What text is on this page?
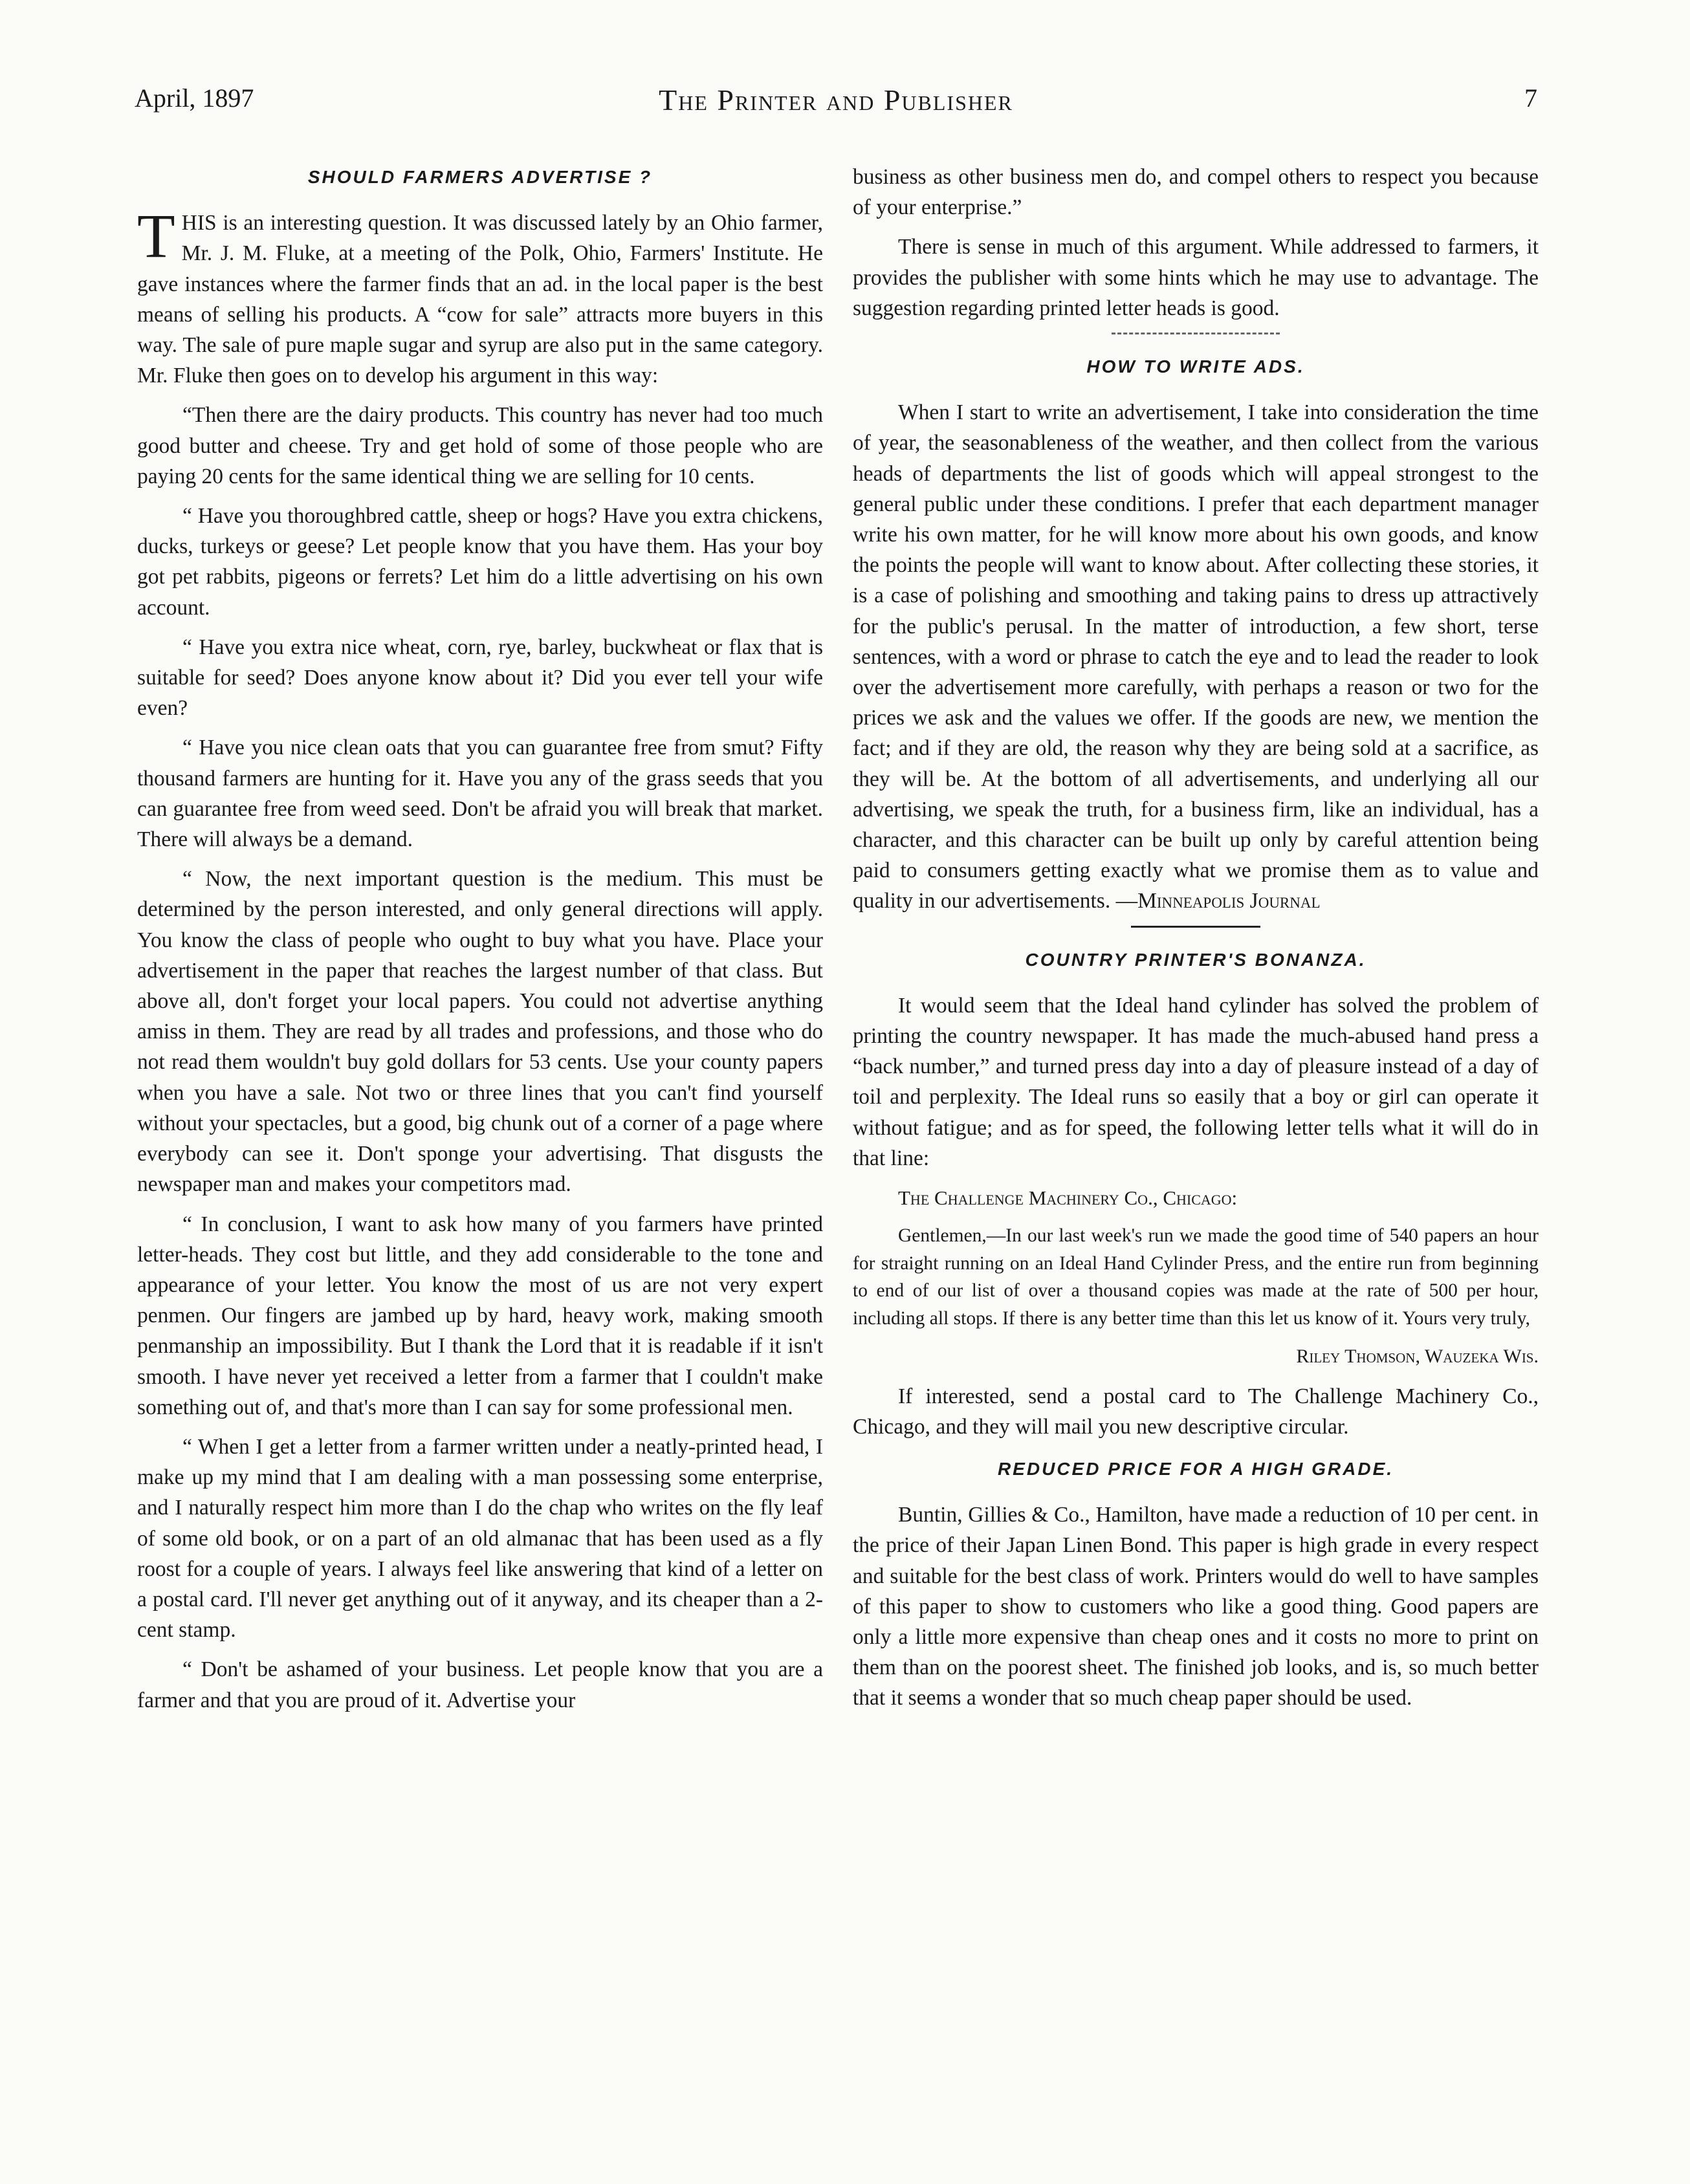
April, 1897	The Printer and Publisher	7
SHOULD FARMERS ADVERTISE ?

THIS is an interesting question. It was discussed lately by an Ohio farmer, Mr. J. M. Fluke, at a meeting of the Polk, Ohio, Farmers' Institute. He gave instances where the farmer finds that an ad. in the local paper is the best means of selling his products. A “cow for sale” attracts more buyers in this way. The sale of pure maple sugar and syrup are also put in the same category. Mr. Fluke then goes on to develop his argument in this way:

“Then there are the dairy products. This country has never had too much good butter and cheese. Try and get hold of some of those people who are paying 20 cents for the same identical thing we are selling for 10 cents.

“ Have you thoroughbred cattle, sheep or hogs? Have you extra chickens, ducks, turkeys or geese? Let people know that you have them. Has your boy got pet rabbits, pigeons or ferrets? Let him do a little advertising on his own account.

“ Have you extra nice wheat, corn, rye, barley, buckwheat or flax that is suitable for seed? Does anyone know about it? Did you ever tell your wife even?

“ Have you nice clean oats that you can guarantee free from smut? Fifty thousand farmers are hunting for it. Have you any of the grass seeds that you can guarantee free from weed seed. Don't be afraid you will break that market. There will always be a demand.

“ Now, the next important question is the medium. This must be determined by the person interested, and only general directions will apply. You know the class of people who ought to buy what you have. Place your advertisement in the paper that reaches the largest number of that class. But above all, don't forget your local papers. You could not advertise anything amiss in them. They are read by all trades and professions, and those who do not read them wouldn't buy gold dollars for 53 cents. Use your county papers when you have a sale. Not two or three lines that you can't find yourself without your spectacles, but a good, big chunk out of a corner of a page where everybody can see it. Don't sponge your advertising. That disgusts the newspaper man and makes your competitors mad.

“ In conclusion, I want to ask how many of you farmers have printed letter-heads. They cost but little, and they add considerable to the tone and appearance of your letter. You know the most of us are not very expert penmen. Our fingers are jambed up by hard, heavy work, making smooth penmanship an impossibility. But I thank the Lord that it is readable if it isn't smooth. I have never yet received a letter from a farmer that I couldn't make something out of, and that's more than I can say for some professional men.

“ When I get a letter from a farmer written under a neatly-printed head, I make up my mind that I am dealing with a man possessing some enterprise, and I naturally respect him more than I do the chap who writes on the fly leaf of some old book, or on a part of an old almanac that has been used as a fly roost for a couple of years. I always feel like answering that kind of a letter on a postal card. I'll never get anything out of it anyway, and its cheaper than a 2-cent stamp.

“ Don't be ashamed of your business. Let people know that you are a farmer and that you are proud of it. Advertise your

business as other business men do, and compel others to respect you because of your enterprise.”

There is sense in much of this argument. While addressed to farmers, it provides the publisher with some hints which he may use to advantage. The suggestion regarding printed letter heads is good.

HOW TO WRITE ADS.

When I start to write an advertisement, I take into consideration the time of year, the seasonableness of the weather, and then collect from the various heads of departments the list of goods which will appeal strongest to the general public under these conditions. I prefer that each department manager write his own matter, for he will know more about his own goods, and know the points the people will want to know about. After collecting these stories, it is a case of polishing and smoothing and taking pains to dress up attractively for the public's perusal. In the matter of introduction, a few short, terse sentences, with a word or phrase to catch the eye and to lead the reader to look over the advertisement more carefully, with perhaps a reason or two for the prices we ask and the values we offer. If the goods are new, we mention the fact; and if they are old, the reason why they are being sold at a sacrifice, as they will be. At the bottom of all advertisements, and underlying all our advertising, we speak the truth, for a business firm, like an individual, has a character, and this character can be built up only by careful attention being paid to consumers getting exactly what we promise them as to value and quality in our advertisements. —Minneapolis Journal

COUNTRY PRINTER'S BONANZA.

It would seem that the Ideal hand cylinder has solved the problem of printing the country newspaper. It has made the much-abused hand press a “back number,” and turned press day into a day of pleasure instead of a day of toil and perplexity. The Ideal runs so easily that a boy or girl can operate it without fatigue; and as for speed, the following letter tells what it will do in that line:

The Challenge Machinery Co., Chicago:

Gentlemen,—In our last week's run we made the good time of 540 papers an hour for straight running on an Ideal Hand Cylinder Press, and the entire run from beginning to end of our list of over a thousand copies was made at the rate of 500 per hour, including all stops. If there is any better time than this let us know of it. Yours very truly,

Riley Thomson, Wauzeka Wis.

If interested, send a postal card to The Challenge Machinery Co., Chicago, and they will mail you new descriptive circular.

REDUCED PRICE FOR A HIGH GRADE.

Buntin, Gillies & Co., Hamilton, have made a reduction of 10 per cent. in the price of their Japan Linen Bond. This paper is high grade in every respect and suitable for the best class of work. Printers would do well to have samples of this paper to show to customers who like a good thing. Good papers are only a little more expensive than cheap ones and it costs no more to print on them than on the poorest sheet. The finished job looks, and is, so much better that it seems a wonder that so much cheap paper should be used.
